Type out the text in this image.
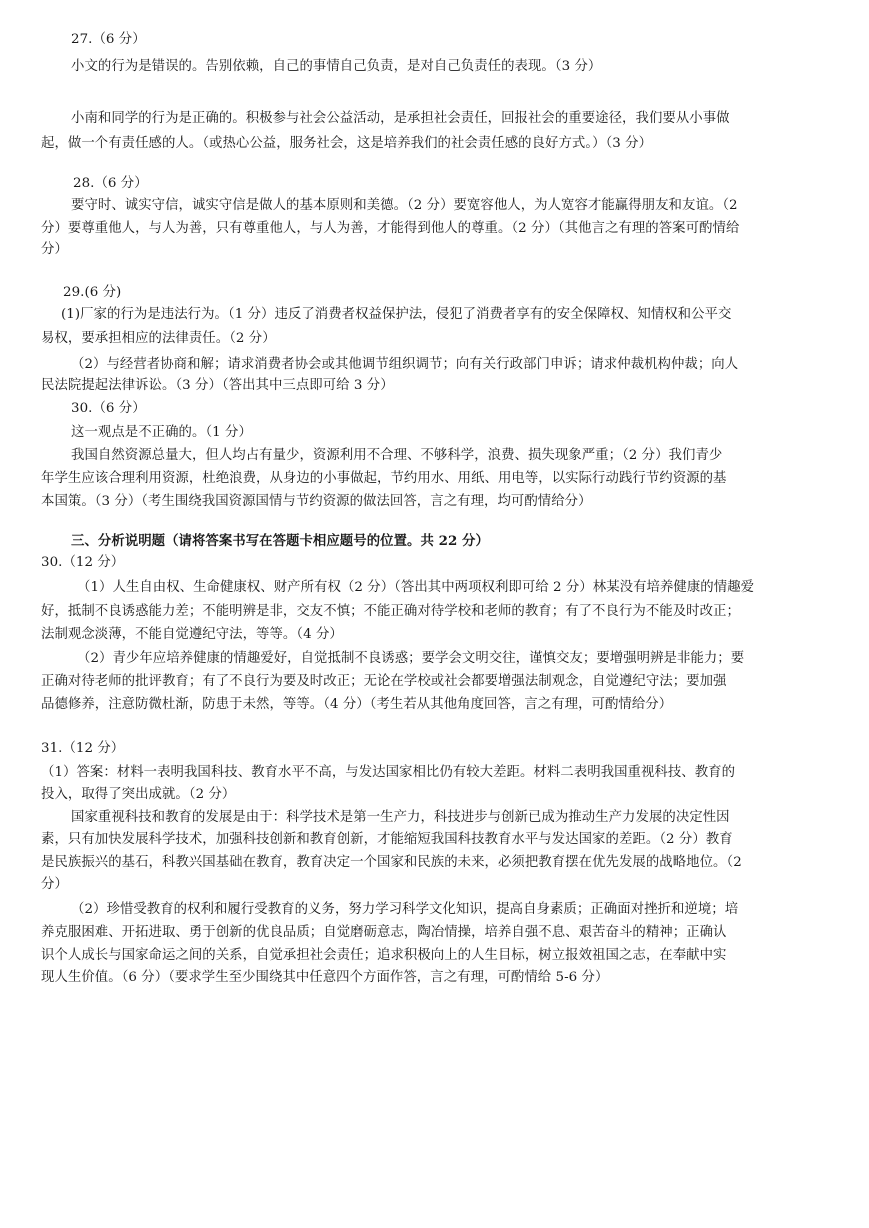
27.（6 分）
小文的行为是错误的。告别依赖，自己的事情自己负责，是对自己负责任的表现。（3 分）
小南和同学的行为是正确的。积极参与社会公益活动，是承担社会责任，回报社会的重要途径，我们要从小事做
起，做一个有责任感的人。（或热心公益，服务社会，这是培养我们的社会责任感的良好方式。）（3 分）
28.（6 分）
要守时、诚实守信，诚实守信是做人的基本原则和美德。（2 分）要宽容他人，为人宽容才能赢得朋友和友谊。（2
分）要尊重他人，与人为善，只有尊重他人，与人为善，才能得到他人的尊重。（2 分）（其他言之有理的答案可酌情给
分）
29.(6 分)
(1)厂家的行为是违法行为。（1 分）违反了消费者权益保护法，侵犯了消费者享有的安全保障权、知情权和公平交
易权，要承担相应的法律责任。（2 分）
（2）与经营者协商和解；请求消费者协会或其他调节组织调节；向有关行政部门申诉；请求仲裁机构仲裁；向人
民法院提起法律诉讼。（3 分）（答出其中三点即可给 3 分）
30.（6 分）
这一观点是不正确的。（1 分）
我国自然资源总量大，但人均占有量少，资源利用不合理、不够科学，浪费、损失现象严重；（2 分）我们青少
年学生应该合理利用资源，杜绝浪费，从身边的小事做起，节约用水、用纸、用电等，以实际行动践行节约资源的基
本国策。（3 分）（考生围绕我国资源国情与节约资源的做法回答，言之有理，均可酌情给分）
三、分析说明题（请将答案书写在答题卡相应题号的位置。共 22 分）
30.（12 分）
（1）人生自由权、生命健康权、财产所有权（2 分）（答出其中两项权利即可给 2 分）林某没有培养健康的情趣爱
好，抵制不良诱惑能力差；不能明辨是非，交友不慎；不能正确对待学校和老师的教育；有了不良行为不能及时改正；
法制观念淡薄，不能自觉遵纪守法，等等。（4 分）
（2）青少年应培养健康的情趣爱好，自觉抵制不良诱惑；要学会文明交往，谨慎交友；要增强明辨是非能力；要
正确对待老师的批评教育；有了不良行为要及时改正；无论在学校或社会都要增强法制观念，自觉遵纪守法；要加强
品德修养，注意防微杜渐，防患于未然，等等。（4 分）（考生若从其他角度回答，言之有理，可酌情给分）
31.（12 分）
（1）答案：材料一表明我国科技、教育水平不高，与发达国家相比仍有较大差距。材料二表明我国重视科技、教育的
投入，取得了突出成就。（2 分）
国家重视科技和教育的发展是由于：科学技术是第一生产力，科技进步与创新已成为推动生产力发展的决定性因
素，只有加快发展科学技术，加强科技创新和教育创新，才能缩短我国科技教育水平与发达国家的差距。（2 分）教育
是民族振兴的基石，科教兴国基础在教育，教育决定一个国家和民族的未来，必须把教育摆在优先发展的战略地位。（2
分）
（2）珍惜受教育的权利和履行受教育的义务，努力学习科学文化知识，提高自身素质；正确面对挫折和逆境；培
养克服困难、开拓进取、勇于创新的优良品质；自觉磨砺意志，陶冶情操，培养自强不息、艰苦奋斗的精神；正确认
识个人成长与国家命运之间的关系，自觉承担社会责任；追求积极向上的人生目标，树立报效祖国之志，在奉献中实
现人生价值。（6 分）（要求学生至少围绕其中任意四个方面作答，言之有理，可酌情给 5-6 分）
